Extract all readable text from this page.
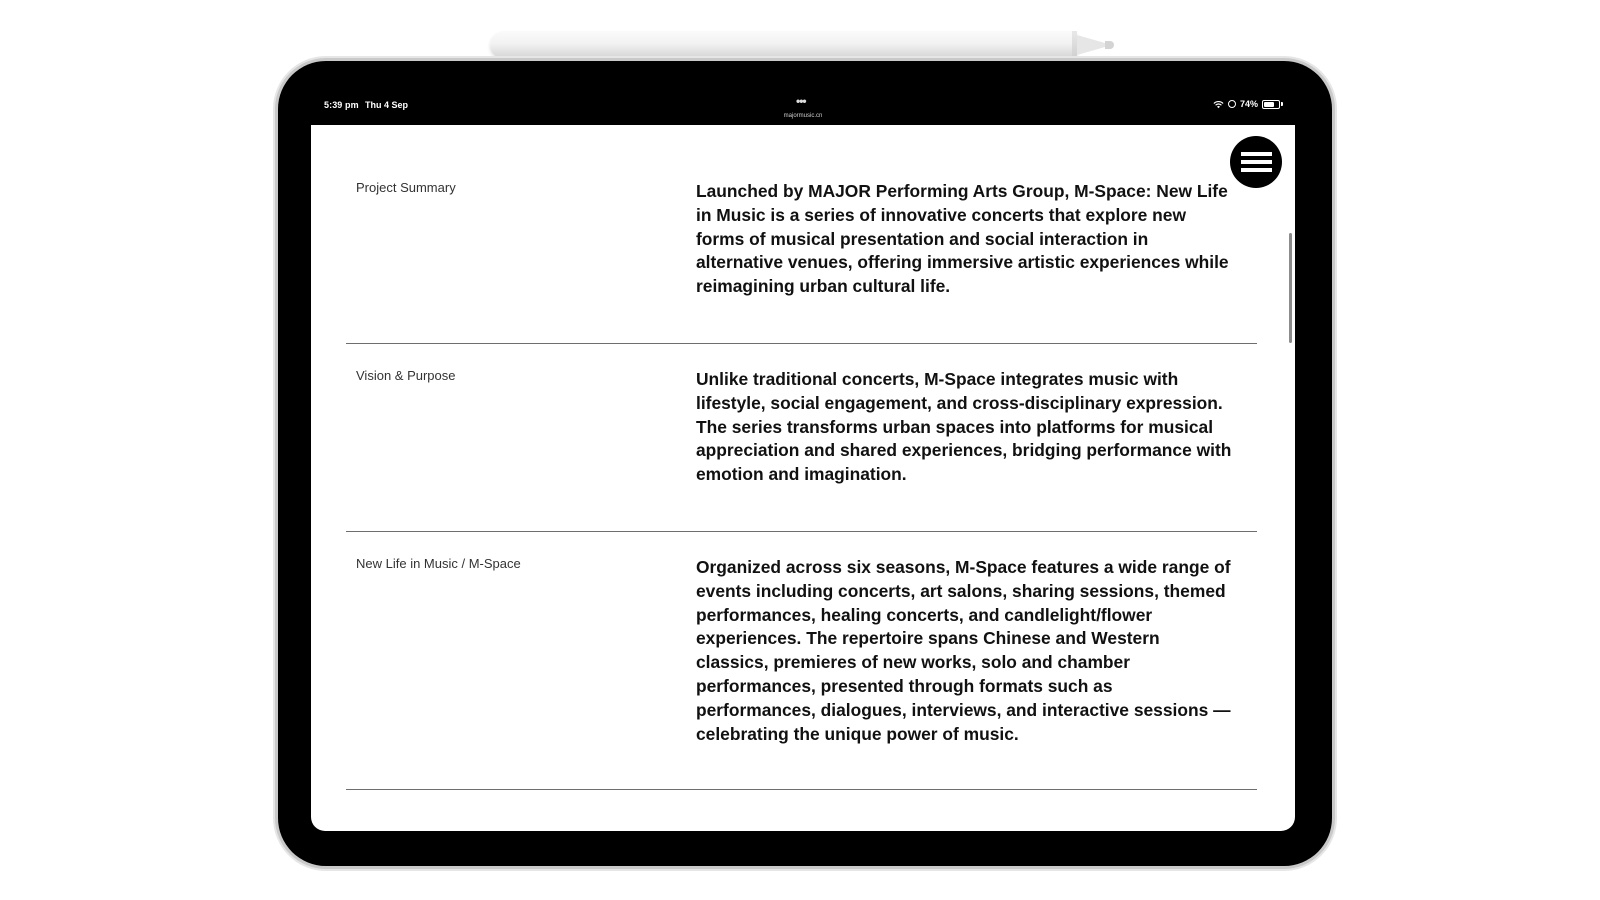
5:39 pm Thu 4 Sep	•••
majormusic.cn
74%
Project Summary	Launched by MAJOR Performing Arts Group, M-Space: New Life in Music is a series of innovative concerts that explore new forms of musical presentation and social interaction in alternative venues, offering immersive artistic experiences while reimagining urban cultural life.
Vision & Purpose	Unlike traditional concerts, M-Space integrates music with lifestyle, social engagement, and cross-disciplinary expression. The series transforms urban spaces into platforms for musical appreciation and shared experiences, bridging performance with emotion and imagination.
New Life in Music / M-Space	Organized across six seasons, M-Space features a wide range of events including concerts, art salons, sharing sessions, themed performances, healing concerts, and candlelight/flower experiences. The repertoire spans Chinese and Western classics, premieres of new works, solo and chamber performances, presented through formats such as performances, dialogues, interviews, and interactive sessions — celebrating the unique power of music.
